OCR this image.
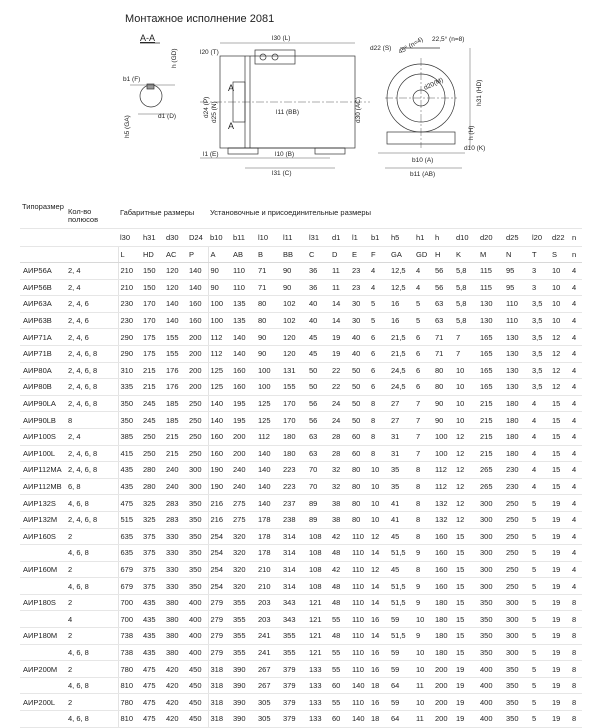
Монтажное исполнение 2081
A-A
b1 (F)
h (GD)
d1 (D)
h5 (GA)
l30 (L)
l20 (T)
d24 (P) d25 (N)	d30 (AC)
l11 (BB)
l1 (E)	l10 (B)
l31 (C)
A
A
d22 (S) 45° (n=4) 22,5° (n=8)
d20(M)	h31 (HD)
h (H)
d10 (K)
b10 (A)
b11 (AB)
Типоразмер	Кол-во полюсов	Габаритные размеры				Установочные и присоединительные размеры																
		l30	h31	d30	D24	b10	b11	l10	l11	l31	d1	l1	b1	h5	h1	h	d10	d20	d25	l20	d22	n
		L	HD	AC	P	A	AB	B	BB	C	D	E	F	GA	GD	H	K	M	N	T	S	n
АИР56А	2, 4	210	150	120	140	90	110	71	90	36	11	23	4	12,5	4	56	5,8	115	95	3	10	4
АИР56В	2, 4	210	150	120	140	90	110	71	90	36	11	23	4	12,5	4	56	5,8	115	95	3	10	4
АИР63А	2, 4, 6	230	170	140	160	100	135	80	102	40	14	30	5	16	5	63	5,8	130	110	3,5	10	4
АИР63В	2, 4, 6	230	170	140	160	100	135	80	102	40	14	30	5	16	5	63	5,8	130	110	3,5	10	4
АИР71А	2, 4, 6	290	175	155	200	112	140	90	120	45	19	40	6	21,5	6	71	7	165	130	3,5	12	4
АИР71В	2, 4, 6, 8	290	175	155	200	112	140	90	120	45	19	40	6	21,5	6	71	7	165	130	3,5	12	4
АИР80А	2, 4, 6, 8	310	215	176	200	125	160	100	131	50	22	50	6	24,5	6	80	10	165	130	3,5	12	4
АИР80В	2, 4, 6, 8	335	215	176	200	125	160	100	155	50	22	50	6	24,5	6	80	10	165	130	3,5	12	4
АИР90LA	2, 4, 6, 8	350	245	185	250	140	195	125	170	56	24	50	8	27	7	90	10	215	180	4	15	4
АИР90LB	8	350	245	185	250	140	195	125	170	56	24	50	8	27	7	90	10	215	180	4	15	4
АИР100S	2, 4	385	250	215	250	160	200	112	180	63	28	60	8	31	7	100	12	215	180	4	15	4
АИР100L	2, 4, 6, 8	415	250	215	250	160	200	140	180	63	28	60	8	31	7	100	12	215	180	4	15	4
АИР112МА	2, 4, 6, 8	435	280	240	300	190	240	140	223	70	32	80	10	35	8	112	12	265	230	4	15	4
АИР112МВ	6, 8	435	280	240	300	190	240	140	223	70	32	80	10	35	8	112	12	265	230	4	15	4
АИР132S	4, 6, 8	475	325	283	350	216	275	140	237	89	38	80	10	41	8	132	12	300	250	5	19	4
АИР132М	2, 4, 6, 8	515	325	283	350	216	275	178	238	89	38	80	10	41	8	132	12	300	250	5	19	4
АИР160S	2	635	375	330	350	254	320	178	314	108	42	110	12	45	8	160	15	300	250	5	19	4
	4, 6, 8	635	375	330	350	254	320	178	314	108	48	110	14	51,5	9	160	15	300	250	5	19	4
АИР160М	2	679	375	330	350	254	320	210	314	108	42	110	12	45	8	160	15	300	250	5	19	4
	4, 6, 8	679	375	330	350	254	320	210	314	108	48	110	14	51,5	9	160	15	300	250	5	19	4
АИР180S	2	700	435	380	400	279	355	203	343	121	48	110	14	51,5	9	180	15	350	300	5	19	8
	4	700	435	380	400	279	355	203	343	121	55	110	16	59	10	180	15	350	300	5	19	8
АИР180М	2	738	435	380	400	279	355	241	355	121	48	110	14	51,5	9	180	15	350	300	5	19	8
	4, 6, 8	738	435	380	400	279	355	241	355	121	55	110	16	59	10	180	15	350	300	5	19	8
АИР200М	2	780	475	420	450	318	390	267	379	133	55	110	16	59	10	200	19	400	350	5	19	8
	4, 6, 8	810	475	420	450	318	390	267	379	133	60	140	18	64	11	200	19	400	350	5	19	8
АИР200L	2	780	475	420	450	318	390	305	379	133	55	110	16	59	10	200	19	400	350	5	19	8
	4, 6, 8	810	475	420	450	318	390	305	379	133	60	140	18	64	11	200	19	400	350	5	19	8
